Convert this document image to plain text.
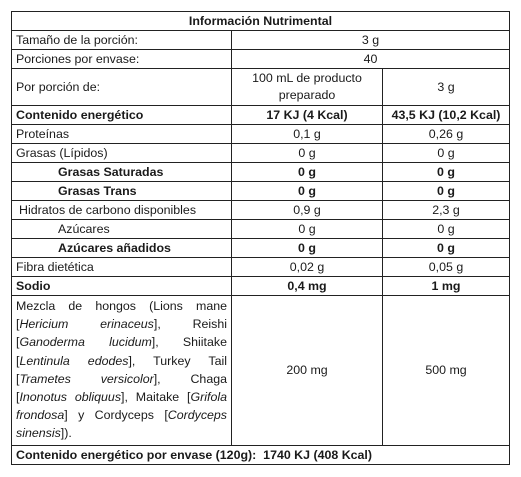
Información Nutrimental		
Tamaño de la porción:	3 g	
Porciones por envase:	40	
Por porción de:	100 mL de producto preparado	3 g
Contenido energético	17 KJ (4 Kcal)	43,5 KJ (10,2 Kcal)
Proteínas	0,1 g	0,26 g
Grasas (Lípidos)	0 g	0 g
Grasas Saturadas	0 g	0 g
Grasas Trans	0 g	0 g
Hidratos de carbono disponibles	0,9 g	2,3 g
Azúcares	0 g	0 g
Azúcares añadidos	0 g	0 g
Fibra dietética	0,02 g	0,05 g
Sodio	0,4 mg	1 mg
Mezcla de hongos (Lions mane [Hericium erinaceus], Reishi [Ganoderma lucidum], Shiitake [Lentinula edodes], Turkey Tail [Trametes versicolor], Chaga [Inonotus obliquus], Maitake [Grifola frondosa] y Cordyceps [Cordyceps sinensis]).	200 mg	500 mg
Contenido energético por envase (120g):  1740 KJ (408 Kcal)		
